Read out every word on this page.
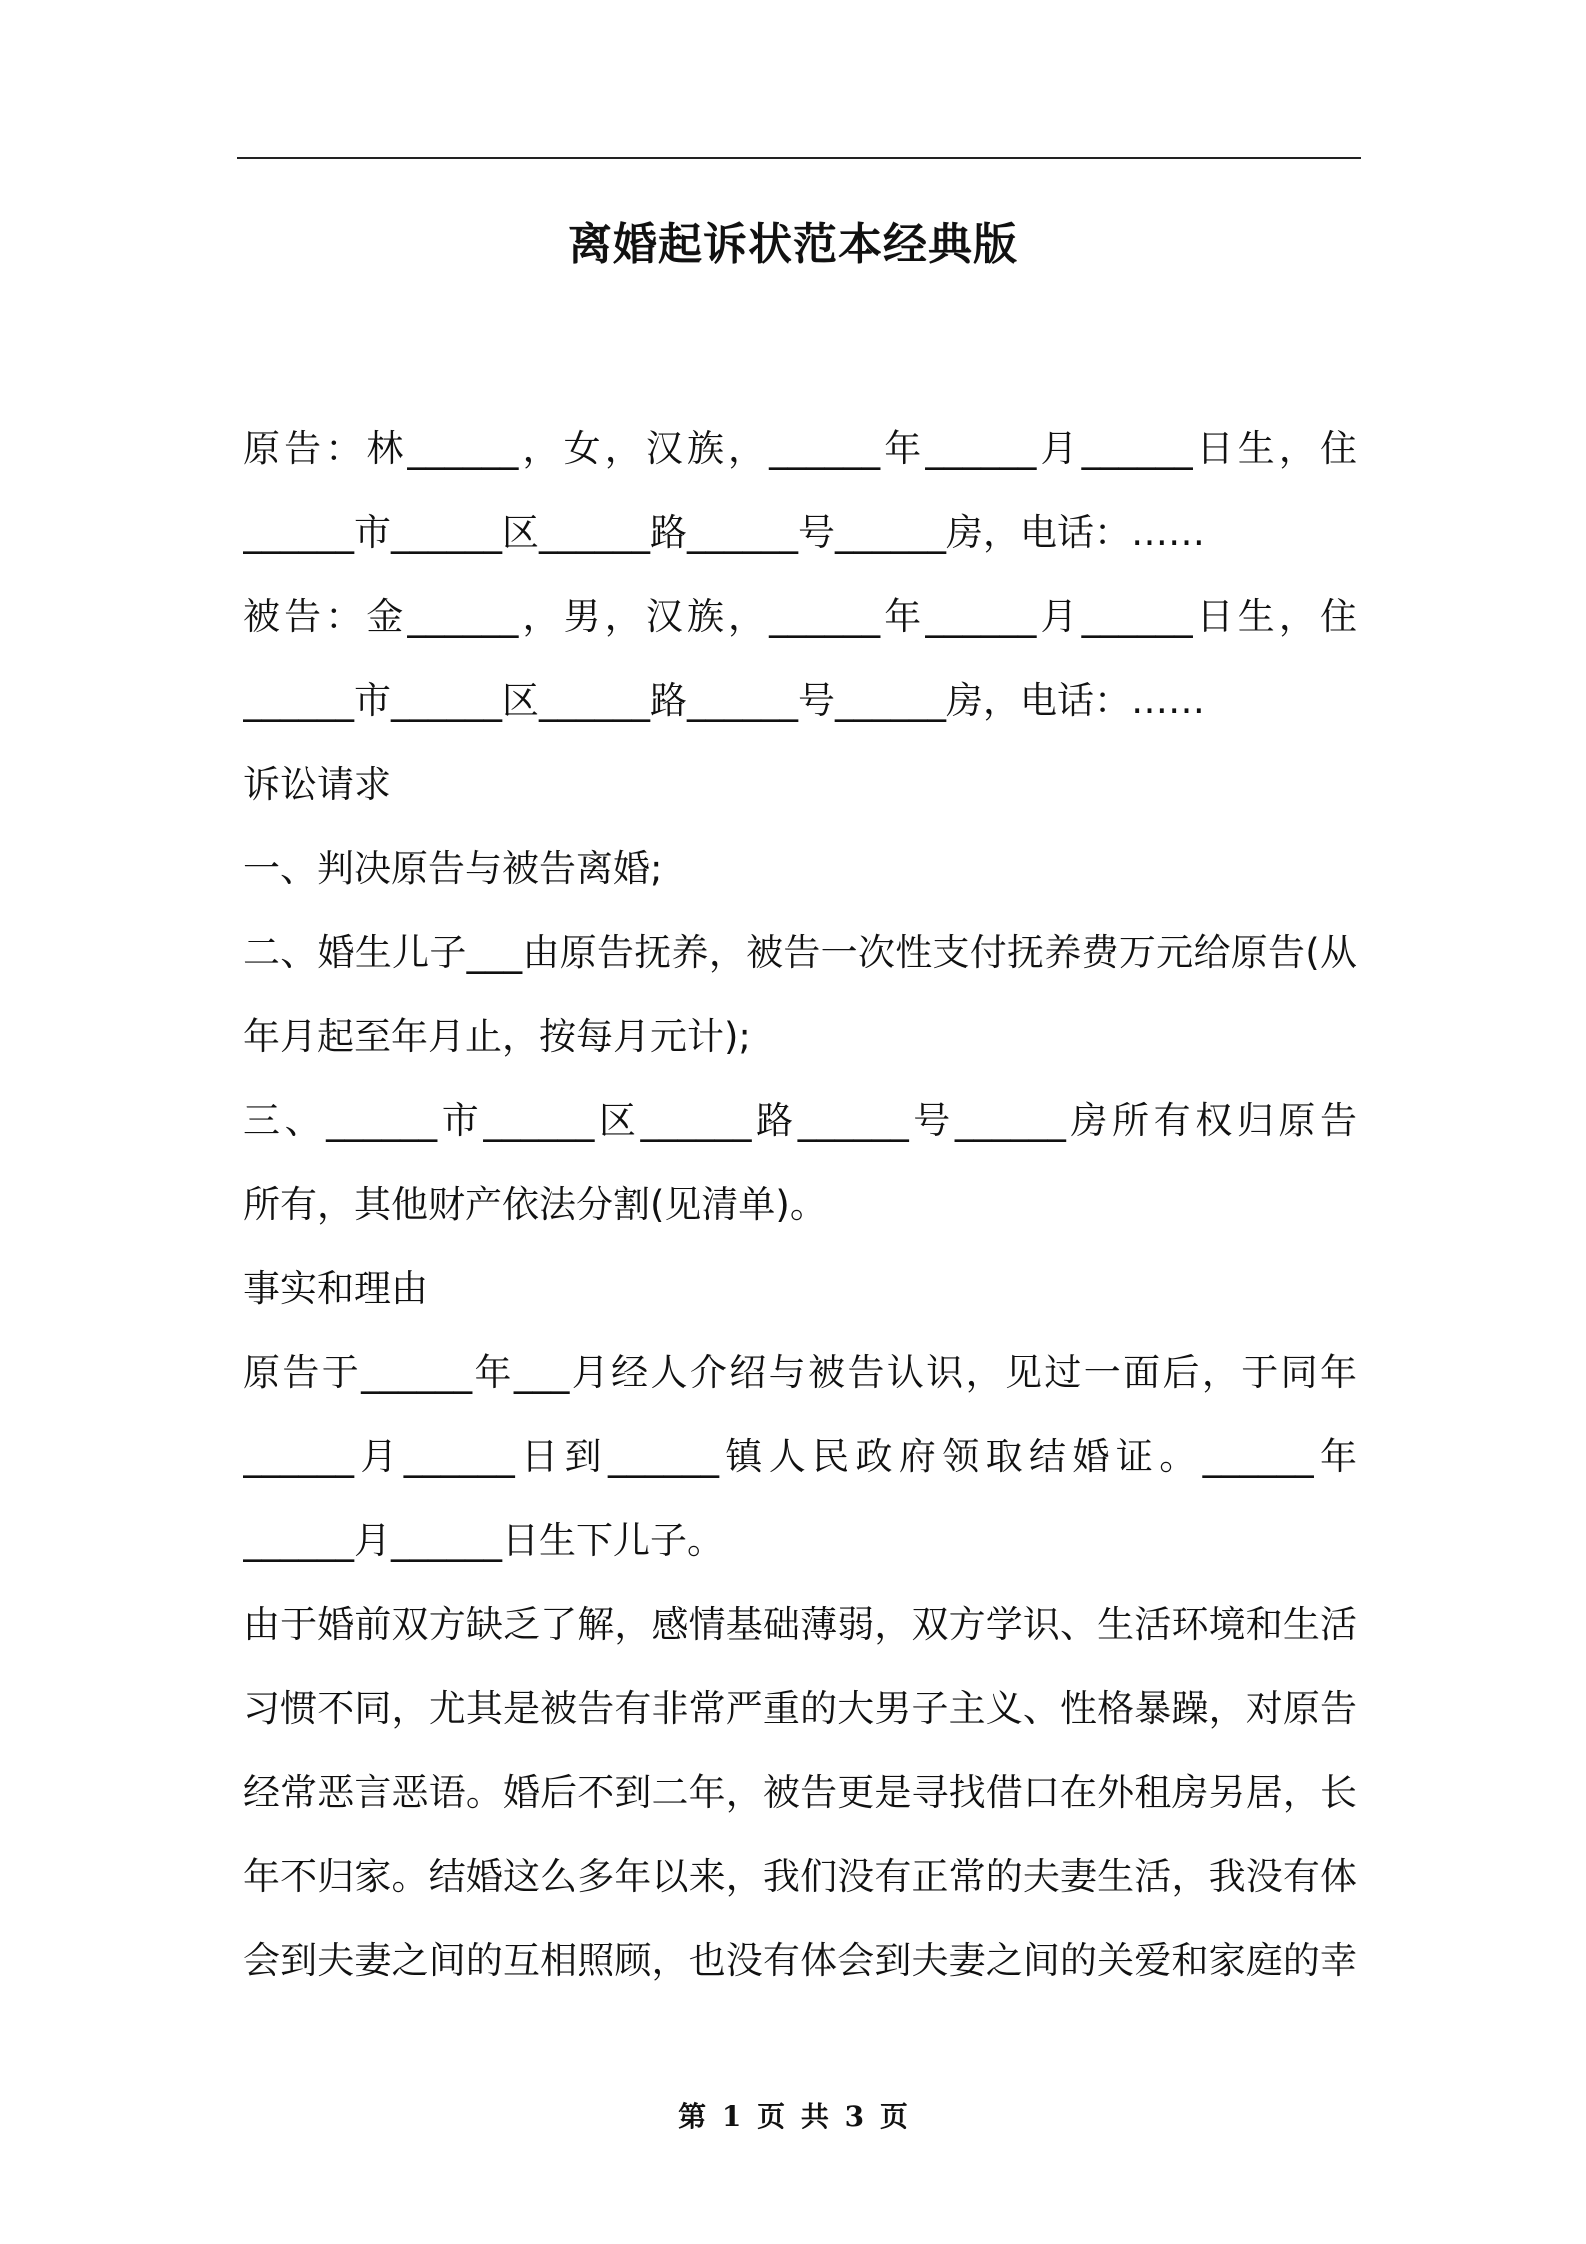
离婚起诉状范本经典版
原告：林______，女，汉族，______年______月______日生，住
______市______区______路______号______房，电话：……
被告：金______，男，汉族，______年______月______日生，住
______市______区______路______号______房，电话：……
诉讼请求
一、判决原告与被告离婚;
二、婚生儿子___由原告抚养，被告一次性支付抚养费万元给原告(从
年月起至年月止，按每月元计);
三、______市______区______路______号______房所有权归原告
所有，其他财产依法分割(见清单)。
事实和理由
原告于______年___月经人介绍与被告认识，见过一面后，于同年
______月______日到______镇人民政府领取结婚证。______年
______月______日生下儿子。
由于婚前双方缺乏了解，感情基础薄弱，双方学识、生活环境和生活
习惯不同，尤其是被告有非常严重的大男子主义、性格暴躁，对原告
经常恶言恶语。婚后不到二年，被告更是寻找借口在外租房另居，长
年不归家。结婚这么多年以来，我们没有正常的夫妻生活，我没有体
会到夫妻之间的互相照顾，也没有体会到夫妻之间的关爱和家庭的幸
第 1 页 共 3 页
